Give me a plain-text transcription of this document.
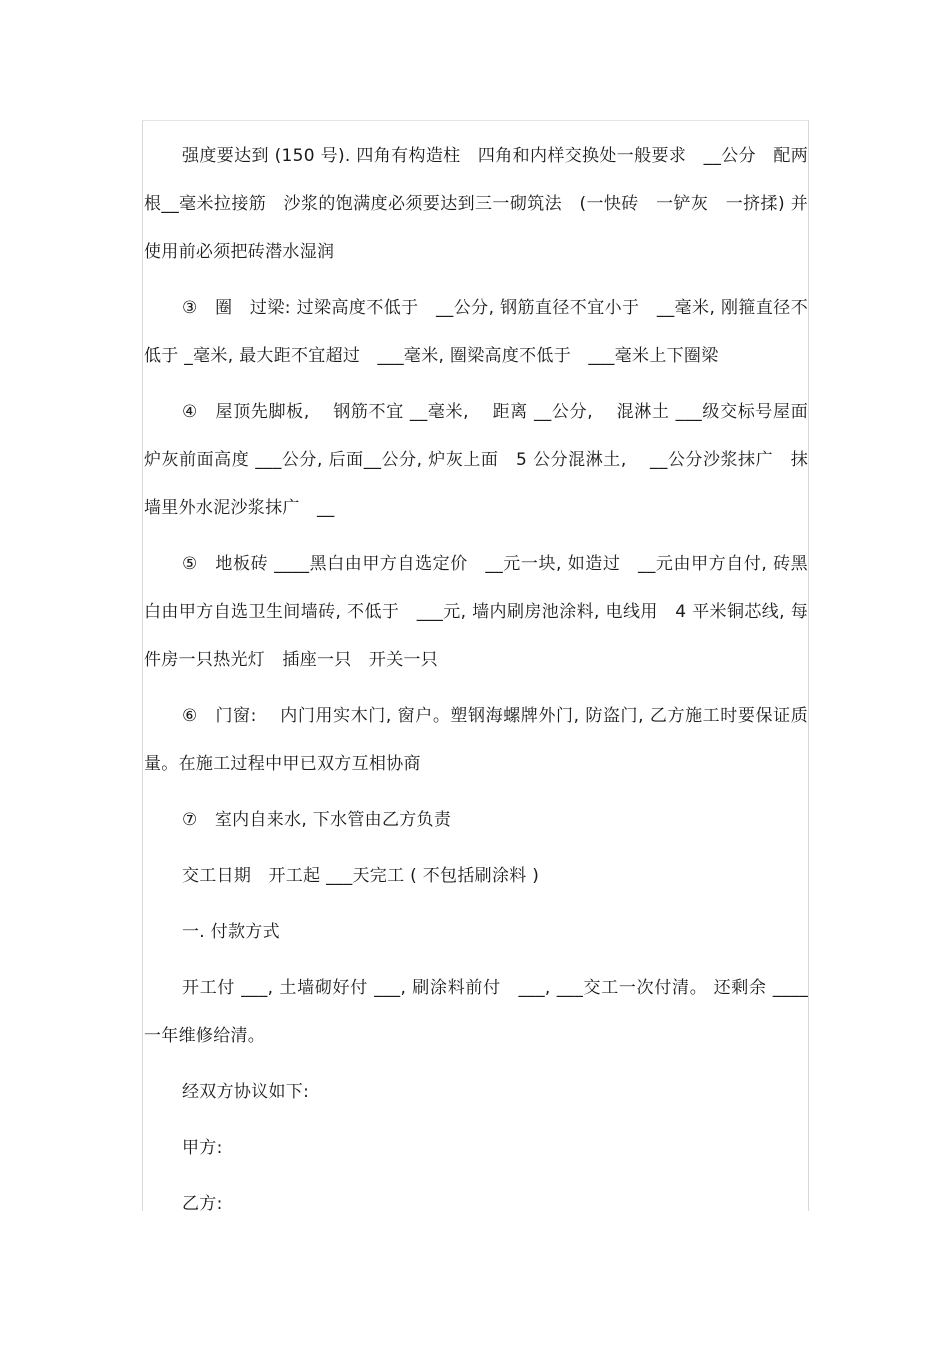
强度要达到 (150 号). 四角有构造柱　四角和内样交换处一般要求　__公分　配两根__毫米拉接筋　沙浆的饱满度必须要达到三一砌筑法　(一快砖　一铲灰　一挤揉) 并使用前必须把砖潜水湿润

③　圈　过梁: 过梁高度不低于　__公分, 钢筋直径不宜小于　__毫米, 刚箍直径不低于 _毫米, 最大距不宜超过　___毫米, 圈梁高度不低于　___毫米上下圈梁

④　屋顶先脚板, 　钢筋不宜 __毫米, 　距离 __公分, 　混淋土 ___级交标号屋面炉灰前面高度 ___公分, 后面__公分, 炉灰上面　5 公分混淋土, 　__公分沙浆抹广　抹墙里外水泥沙浆抹广　__

⑤　地板砖 ____黑白由甲方自选定价　__元一块, 如造过　__元由甲方自付, 砖黑白由甲方自选卫生间墙砖, 不低于　___元, 墙内刷房池涂料, 电线用　4 平米铜芯线, 每件房一只热光灯　插座一只　开关一只

⑥　门窗: 　内门用实木门, 窗户。塑钢海螺牌外门, 防盗门, 乙方施工时要保证质量。在施工过程中甲已双方互相协商

⑦　室内自来水, 下水管由乙方负责

交工日期　开工起 ___天完工 ( 不包括刷涂料 )

一. 付款方式

开工付 ___, 土墙砌好付 ___, 刷涂料前付　___, ___交工一次付清。 还剩余 ____一年维修给清。

经双方协议如下:

甲方:

乙方:
